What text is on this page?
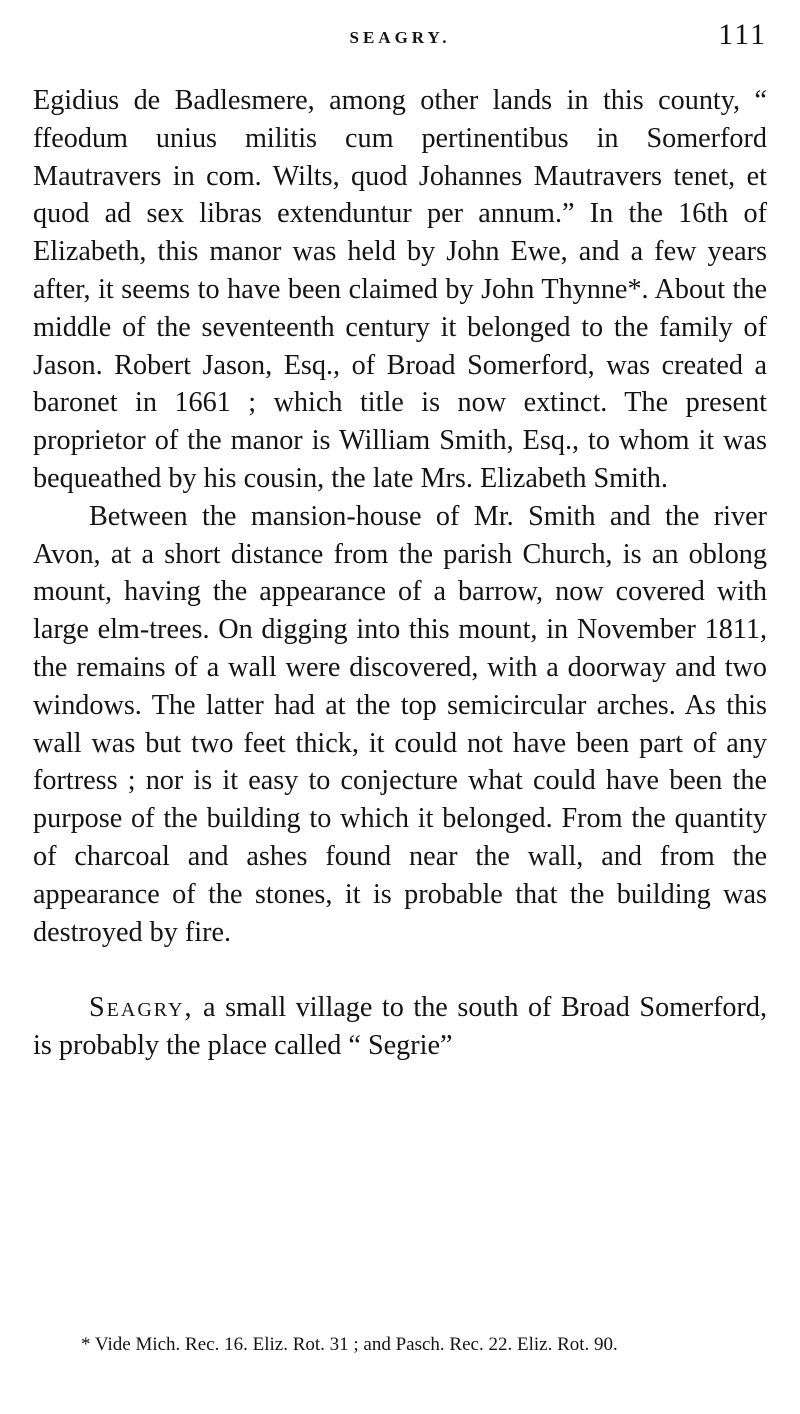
SEAGRY.	111

Egidius de Badlesmere, among other lands in this county, “ ffeodum unius militis cum pertinentibus in Somerford Mautravers in com. Wilts, quod Johannes Mautravers tenet, et quod ad sex libras extenduntur per annum.” In the 16th of Elizabeth, this manor was held by John Ewe, and a few years after, it seems to have been claimed by John Thynne*. About the middle of the seventeenth century it belonged to the family of Jason. Robert Jason, Esq., of Broad Somerford, was created a baronet in 1661 ; which title is now extinct. The present proprietor of the manor is William Smith, Esq., to whom it was bequeathed by his cousin, the late Mrs. Elizabeth Smith.

Between the mansion-house of Mr. Smith and the river Avon, at a short distance from the parish Church, is an oblong mount, having the appearance of a barrow, now covered with large elm-trees. On digging into this mount, in November 1811, the remains of a wall were discovered, with a doorway and two windows. The latter had at the top semicircular arches. As this wall was but two feet thick, it could not have been part of any fortress ; nor is it easy to conjecture what could have been the purpose of the building to which it belonged. From the quantity of charcoal and ashes found near the wall, and from the appearance of the stones, it is probable that the building was destroyed by fire.

Seagry, a small village to the south of Broad Somerford, is probably the place called “ Segrie”

* Vide Mich. Rec. 16. Eliz. Rot. 31 ; and Pasch. Rec. 22. Eliz. Rot. 90.
